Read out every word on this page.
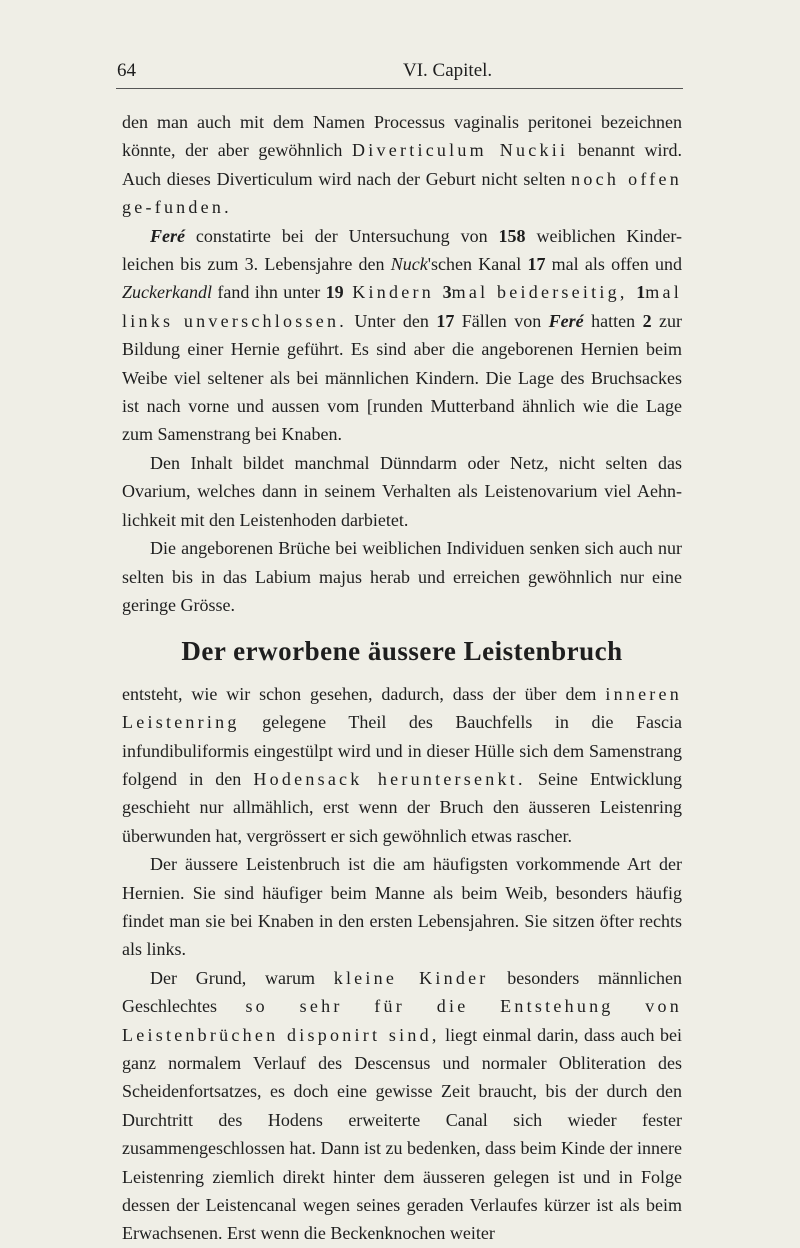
64	VI. Capitel.

den man auch mit dem Namen Processus vaginalis peritonei bezeichnen könnte, der aber gewöhnlich Diverticulum Nuckii benannt wird. Auch dieses Diverticulum wird nach der Geburt nicht selten noch offen ge-funden.

Feré constatirte bei der Untersuchung von 158 weiblichen Kinder-leichen bis zum 3. Lebensjahre den Nuck'schen Kanal 17 mal als offen und Zuckerkandl fand ihn unter 19 Kindern 3mal beiderseitig, 1mal links unverschlossen. Unter den 17 Fällen von Feré hatten 2 zur Bildung einer Hernie geführt. Es sind aber die angeborenen Hernien beim Weibe viel seltener als bei männlichen Kindern. Die Lage des Bruchsackes ist nach vorne und aussen vom [runden Mutterband ähnlich wie die Lage zum Samenstrang bei Knaben.

Den Inhalt bildet manchmal Dünndarm oder Netz, nicht selten das Ovarium, welches dann in seinem Verhalten als Leistenovarium viel Aehn-lichkeit mit den Leistenhoden darbietet.

Die angeborenen Brüche bei weiblichen Individuen senken sich auch nur selten bis in das Labium majus herab und erreichen gewöhnlich nur eine geringe Grösse.

Der erworbene äussere Leistenbruch

entsteht, wie wir schon gesehen, dadurch, dass der über dem inneren Leistenring gelegene Theil des Bauchfells in die Fascia infundibuliformis eingestülpt wird und in dieser Hülle sich dem Samenstrang folgend in den Hodensack heruntersenkt. Seine Entwicklung geschieht nur allmählich, erst wenn der Bruch den äusseren Leistenring überwunden hat, vergrössert er sich gewöhnlich etwas rascher.

Der äussere Leistenbruch ist die am häufigsten vorkommende Art der Hernien. Sie sind häufiger beim Manne als beim Weib, besonders häufig findet man sie bei Knaben in den ersten Lebensjahren. Sie sitzen öfter rechts als links.

Der Grund, warum kleine Kinder besonders männlichen Geschlechtes so sehr für die Entstehung von Leistenbrüchen disponirt sind, liegt einmal darin, dass auch bei ganz normalem Verlauf des Descensus und normaler Obliteration des Scheidenfortsatzes, es doch eine gewisse Zeit braucht, bis der durch den Durchtritt des Hodens erweiterte Canal sich wieder fester zusammengeschlossen hat. Dann ist zu bedenken, dass beim Kinde der innere Leistenring ziemlich direkt hinter dem äusseren gelegen ist und in Folge dessen der Leistencanal wegen seines geraden Verlaufes kürzer ist als beim Erwachsenen. Erst wenn die Beckenknochen weiter
